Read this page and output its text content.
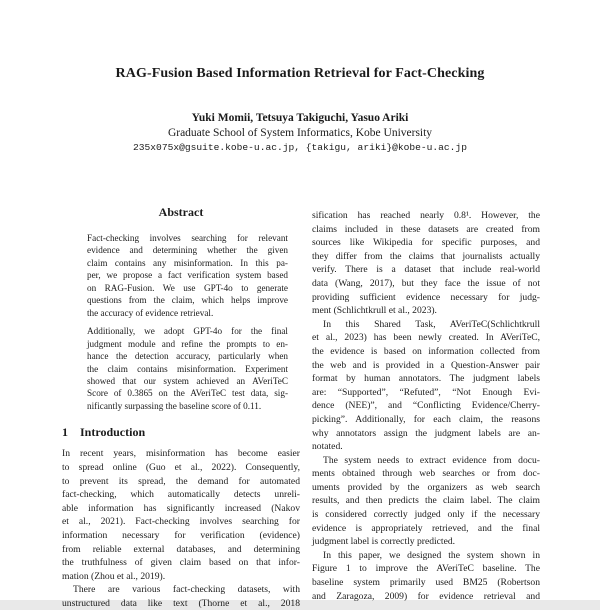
RAG-Fusion Based Information Retrieval for Fact-Checking
Yuki Momii, Tetsuya Takiguchi, Yasuo Ariki
Graduate School of System Informatics, Kobe University
235x075x@gsuite.kobe-u.ac.jp, {takigu, ariki}@kobe-u.ac.jp
Abstract
Fact-checking involves searching for relevant
evidence and determining whether the given
claim contains any misinformation. In this pa-
per, we propose a fact verification system based
on RAG-Fusion. We use GPT-4o to generate
questions from the claim, which helps improve
the accuracy of evidence retrieval.
Additionally, we adopt GPT-4o for the final
judgment module and refine the prompts to en-
hance the detection accuracy, particularly when
the claim contains misinformation. Experiment
showed that our system achieved an AVeriTeC
Score of 0.3865 on the AVeriTeC test data, sig-
nificantly surpassing the baseline score of 0.11.
1 Introduction
In recent years, misinformation has become easier
to spread online (Guo et al., 2022). Consequently,
to prevent its spread, the demand for automated
fact-checking, which automatically detects unreli-
able information has significantly increased (Nakov
et al., 2021). Fact-checking involves searching for
information necessary for verification (evidence)
from reliable external databases, and determining
the truthfulness of given claim based on that infor-
mation (Zhou et al., 2019).
There are various fact-checking datasets, with
unstructured data like text (Thorne et al., 2018
sification has reached nearly 0.8¹. However, the
claims included in these datasets are created from
sources like Wikipedia for specific purposes, and
they differ from the claims that journalists actually
verify. There is a dataset that include real-world
data (Wang, 2017), but they face the issue of not
providing sufficient evidence necessary for judg-
ment (Schlichtkrull et al., 2023).
In this Shared Task, AVeriTeC(Schlichtkrull
et al., 2023) has been newly created. In AVeriTeC,
the evidence is based on information collected from
the web and is provided in a Question-Answer pair
format by human annotators. The judgment labels
are: “Supported”, “Refuted”, “Not Enough Evi-
dence (NEE)”, and “Conflicting Evidence/Cherry-
picking”. Additionally, for each claim, the reasons
why annotators assign the judgment labels are an-
notated.
The system needs to extract evidence from docu-
ments obtained through web searches or from doc-
uments provided by the organizers as web search
results, and then predicts the claim label. The claim
is considered correctly judged only if the necessary
evidence is appropriately retrieved, and the final
judgment label is correctly predicted.
In this paper, we designed the system shown in
Figure 1 to improve the AVeriTeC baseline. The
baseline system primarily used BM25 (Robertson
and Zaragoza, 2009) for evidence retrieval and
